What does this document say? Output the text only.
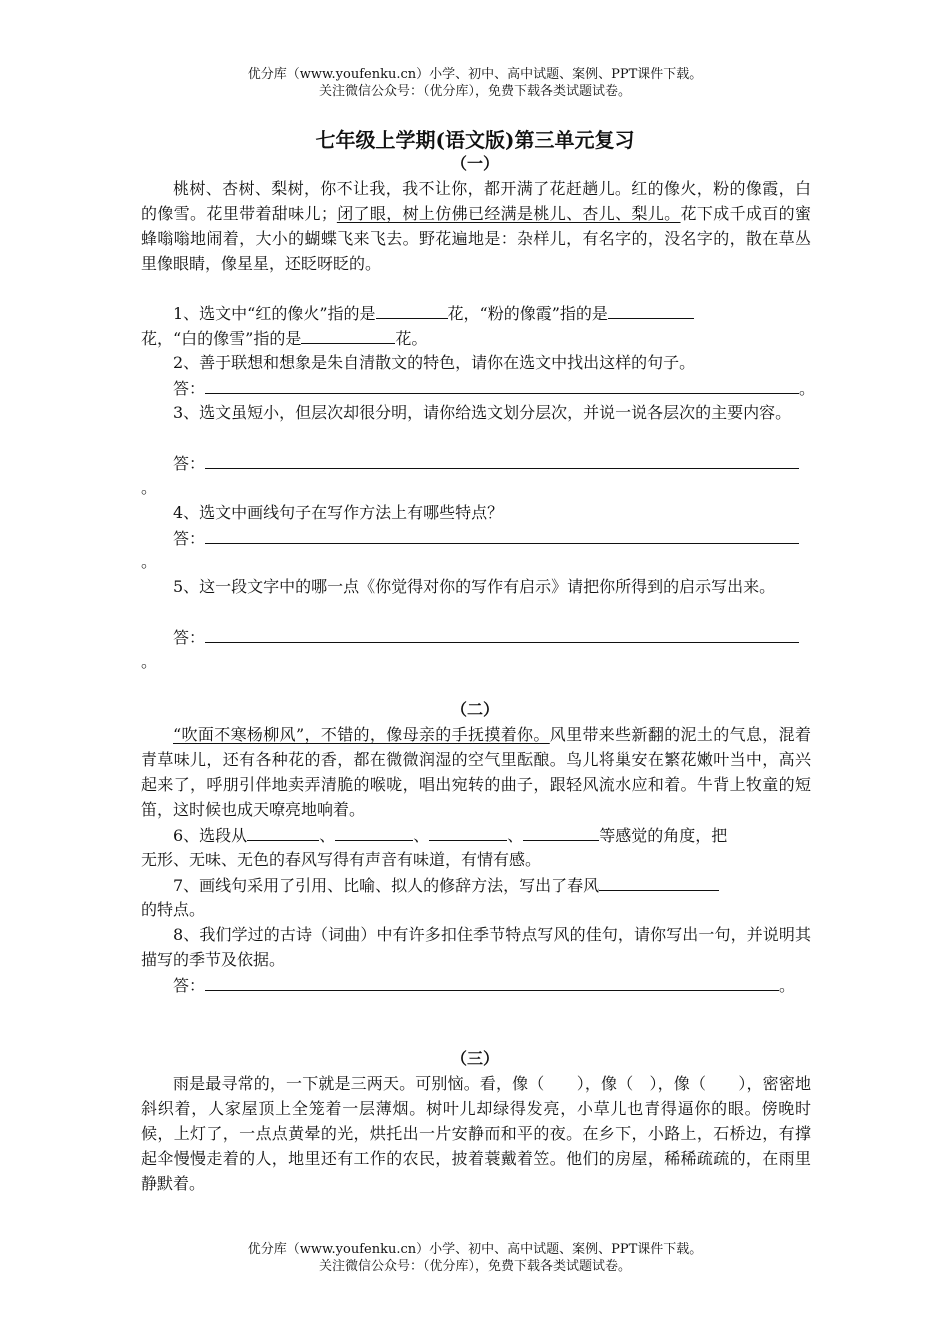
优分库（www.youfenku.cn）小学、初中、高中试题、案例、PPT课件下载。
关注微信公众号：（优分库），免费下载各类试题试卷。
七年级上学期(语文版)第三单元复习
（一）
桃树、杏树、梨树，你不让我，我不让你，都开满了花赶趟儿。红的像火，粉的像霞，白的像雪。花里带着甜味儿；闭了眼，树上仿佛已经满是桃儿、杏儿、梨儿。花下成千成百的蜜蜂嗡嗡地闹着，大小的蝴蝶飞来飞去。野花遍地是：杂样儿，有名字的，没名字的，散在草丛里像眼睛，像星星，还眨呀眨的。
1、选文中“红的像火”指的是	花，“粉的像霞”指的是
花，“白的像雪”指的是	花。
2、善于联想和想象是朱自清散文的特色，请你在选文中找出这样的句子。
答：	。
3、选文虽短小，但层次却很分明，请你给选文划分层次，并说一说各层次的主要内容。
答：
。
4、选文中画线句子在写作方法上有哪些特点？
答：
。
5、这一段文字中的哪一点《你觉得对你的写作有启示》请把你所得到的启示写出来。
答：
。
（二）
“吹面不寒杨柳风”，不错的，像母亲的手抚摸着你。风里带来些新翻的泥土的气息，混着青草味儿，还有各种花的香，都在微微润湿的空气里酝酿。鸟儿将巢安在繁花嫩叶当中，高兴起来了，呼朋引伴地卖弄清脆的喉咙，唱出宛转的曲子，跟轻风流水应和着。牛背上牧童的短笛，这时候也成天嘹亮地响着。
6、选段从	、	、	、	等感觉的角度，把
无形、无味、无色的春风写得有声音有味道，有情有感。
7、画线句采用了引用、比喻、拟人的修辞方法，写出了春风
的特点。
8、我们学过的古诗（词曲）中有许多扣住季节特点写风的佳句，请你写出一句，并说明其描写的季节及依据。
答：	。
（三）
雨是最寻常的，一下就是三两天。可别恼。看，像（　　），像（　），像（　　），密密地斜织着，人家屋顶上全笼着一层薄烟。树叶儿却绿得发亮，小草儿也青得逼你的眼。傍晚时候，上灯了，一点点黄晕的光，烘托出一片安静而和平的夜。在乡下，小路上，石桥边，有撑起伞慢慢走着的人，地里还有工作的农民，披着蓑戴着笠。他们的房屋，稀稀疏疏的，在雨里静默着。
优分库（www.youfenku.cn）小学、初中、高中试题、案例、PPT课件下载。
关注微信公众号：（优分库），免费下载各类试题试卷。
